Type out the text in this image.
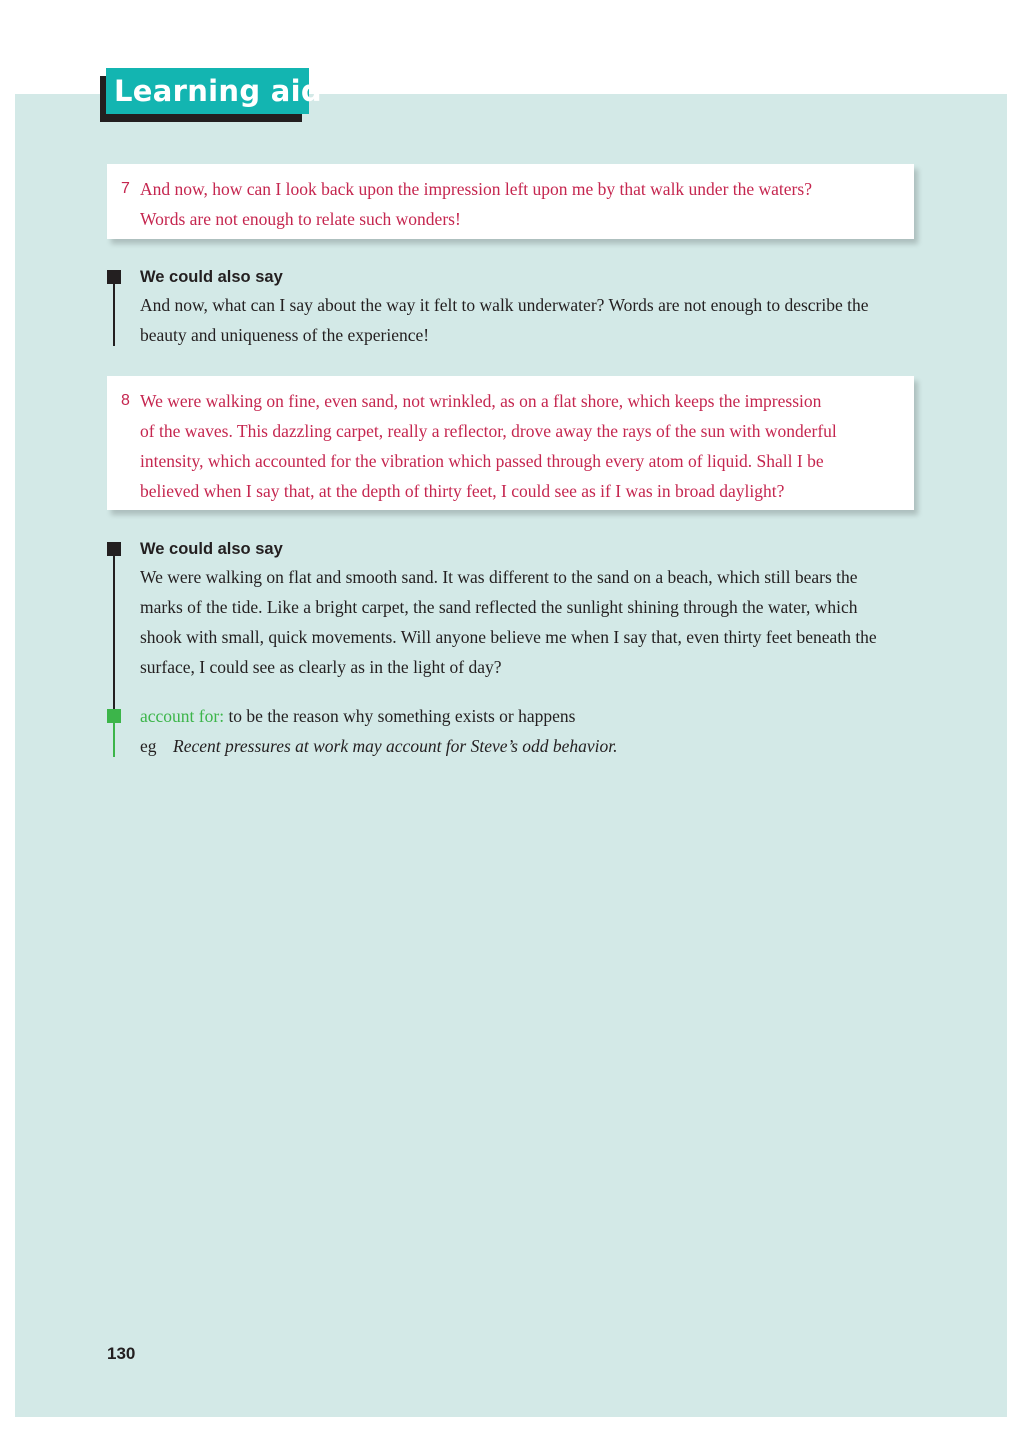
Learning aid
7 And now, how can I look back upon the impression left upon me by that walk under the waters?
Words are not enough to relate such wonders!

We could also say

And now, what can I say about the way it felt to walk underwater? Words are not enough to describe the
beauty and uniqueness of the experience!

8 We were walking on fine, even sand, not wrinkled, as on a flat shore, which keeps the impression
of the waves. This dazzling carpet, really a reflector, drove away the rays of the sun with wonderful
intensity, which accounted for the vibration which passed through every atom of liquid. Shall I be
believed when I say that, at the depth of thirty feet, I could see as if I was in broad daylight?

We could also say

We were walking on flat and smooth sand. It was different to the sand on a beach, which still bears the
marks of the tide. Like a bright carpet, the sand reflected the sunlight shining through the water, which
shook with small, quick movements. Will anyone believe me when I say that, even thirty feet beneath the
surface, I could see as clearly as in the light of day?

account for: to be the reason why something exists or happens
eg Recent pressures at work may account for Steve’s odd behavior.
130
